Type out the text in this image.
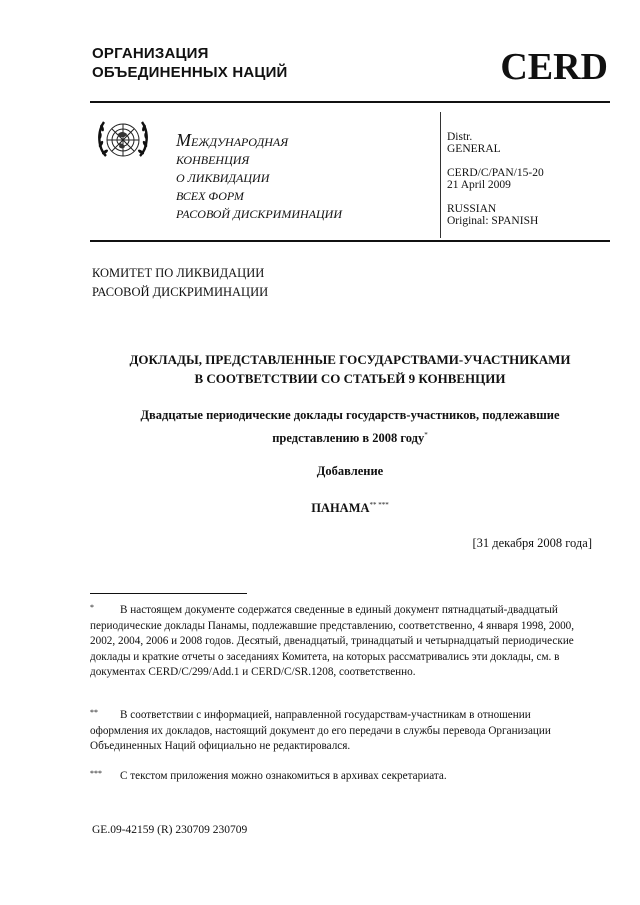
ОРГАНИЗАЦИЯ
ОБЪЕДИНЕННЫХ НАЦИЙ	CERD
МЕЖДУНАРОДНАЯ
КОНВЕНЦИЯ
О ЛИКВИДАЦИИ
ВСЕХ ФОРМ
РАСОВОЙ ДИСКРИМИНАЦИИ
Distr.
GENERAL
CERD/C/PAN/15-20
21 April 2009
RUSSIAN
Original: SPANISH
КОМИТЕТ ПО ЛИКВИДАЦИИ
РАСОВОЙ ДИСКРИМИНАЦИИ
ДОКЛАДЫ, ПРЕДСТАВЛЕННЫЕ ГОСУДАРСТВАМИ-УЧАСТНИКАМИ
В СООТВЕТСТВИИ СО СТАТЬЕЙ 9 КОНВЕНЦИИ
Двадцатые периодические доклады государств-участников, подлежавшие
представлению в 2008 году*
Добавление
ПАНАМА** ***
[31 декабря 2008 года]
*	В настоящем документе содержатся сведенные в единый документ пятнадцатый-двадцатый периодические доклады Панамы, подлежавшие представлению, соответственно, 4 января 1998, 2000, 2002, 2004, 2006 и 2008 годов. Десятый, двенадцатый, тринадцатый и четырнадцатый периодические доклады и краткие отчеты о заседаниях Комитета, на которых рассматривались эти доклады, см. в документах CERD/C/299/Add.1 и CERD/C/SR.1208, соответственно.

**	В соответствии с информацией, направленной государствам-участникам в отношении оформления их докладов, настоящий документ до его передачи в службы перевода Организации Объединенных Наций официально не редактировался.

***	С текстом приложения можно ознакомиться в архивах секретариата.

GE.09-42159 (R) 230709 230709
